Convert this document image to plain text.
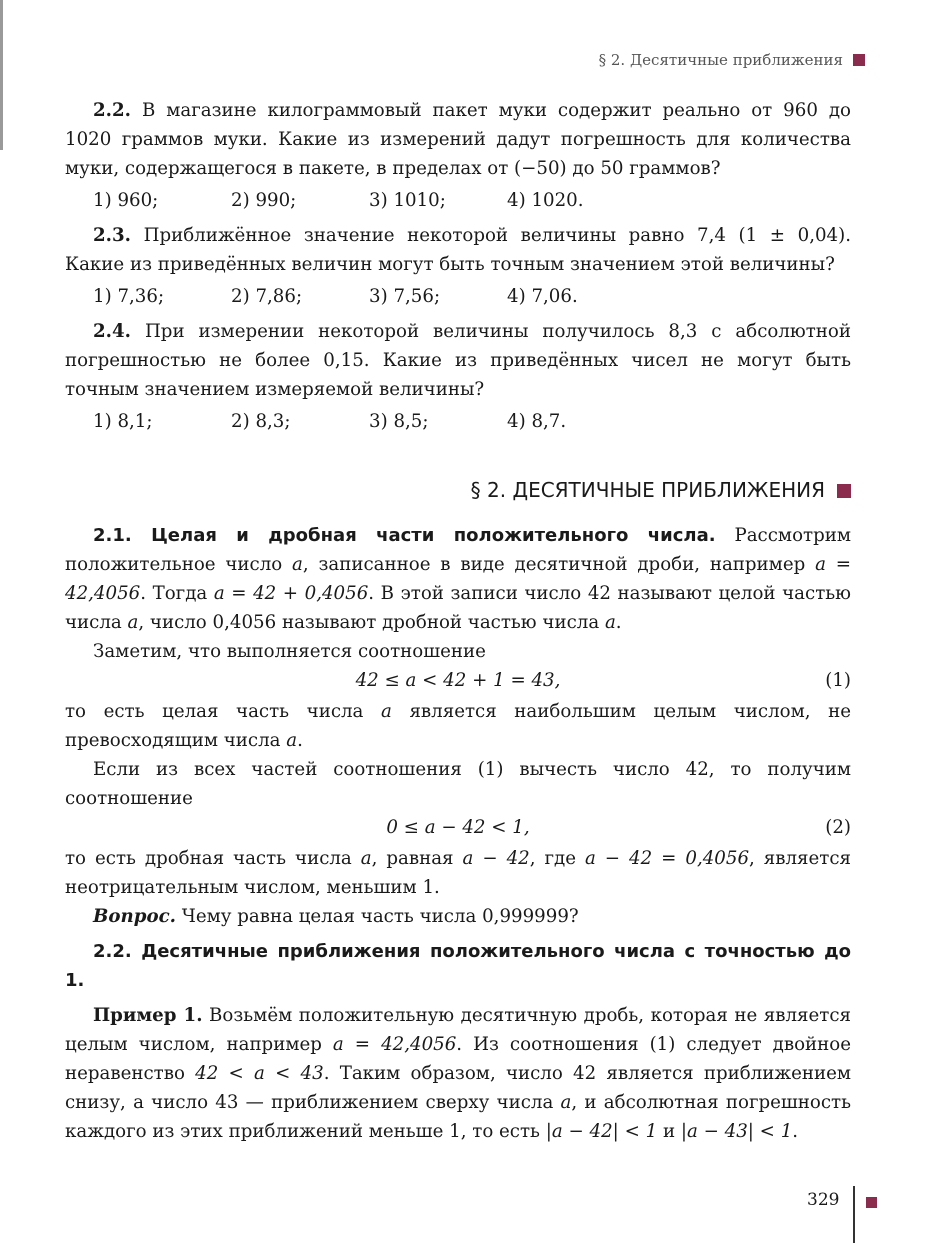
§ 2. Десятичные приближения

2.2. В магазине килограммовый пакет муки содержит реально от 960 до 1020 граммов муки. Какие из измерений дадут погрешность для количества муки, содержащегося в пакете, в пределах от (−50) до 50 граммов?

1) 960;	2) 990;	3) 1010;	4) 1020.

2.3. Приближённое значение некоторой величины равно 7,4 (1 ± 0,04). Какие из приведённых величин могут быть точным значением этой величины?

1) 7,36;	2) 7,86;	3) 7,56;	4) 7,06.

2.4. При измерении некоторой величины получилось 8,3 с абсолютной погрешностью не более 0,15. Какие из приведённых чисел не могут быть точным значением измеряемой величины?

1) 8,1;	2) 8,3;	3) 8,5;	4) 8,7.
§ 2. ДЕСЯТИЧНЫЕ ПРИБЛИЖЕНИЯ

2.1. Целая и дробная части положительного числа. Рассмотрим положительное число a, записанное в виде десятичной дроби, например a = 42,4056. Тогда a = 42 + 0,4056. В этой записи число 42 называют целой частью числа a, число 0,4056 называют дробной частью числа a.

Заметим, что выполняется соотношение

42 ≤ a < 42 + 1 = 43,	(1)

то есть целая часть числа a является наибольшим целым числом, не превосходящим числа a.

Если из всех частей соотношения (1) вычесть число 42, то получим соотношение

0 ≤ a − 42 < 1,	(2)

то есть дробная часть числа a, равная a − 42, где a − 42 = 0,4056, является неотрицательным числом, меньшим 1.

Вопрос. Чему равна целая часть числа 0,999999?

2.2. Десятичные приближения положительного числа с точностью до 1.

Пример 1. Возьмём положительную десятичную дробь, которая не является целым числом, например a = 42,4056. Из соотношения (1) следует двойное неравенство 42 < a < 43. Таким образом, число 42 является приближением снизу, а число 43 — приближением сверху числа a, и абсолютная погрешность каждого из этих приближений меньше 1, то есть |a − 42| < 1 и |a − 43| < 1.

329
